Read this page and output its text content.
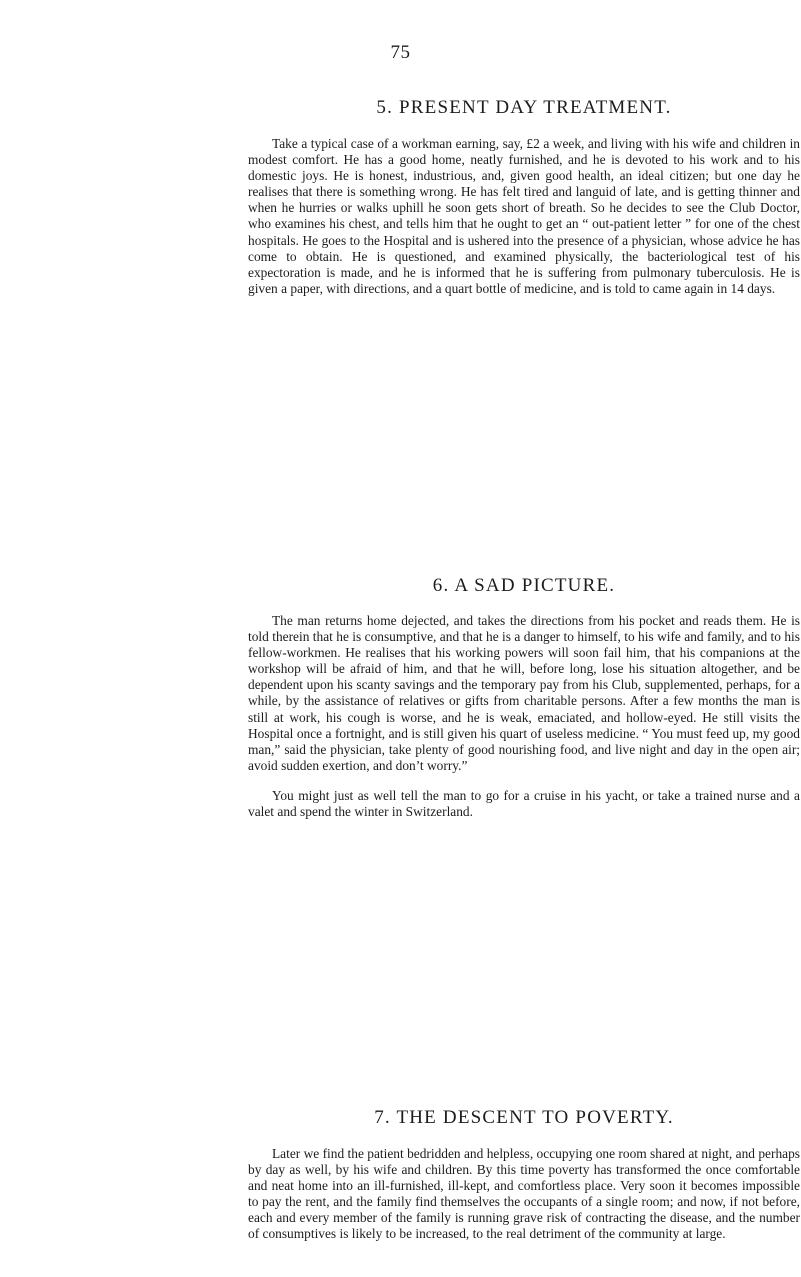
75

5. PRESENT DAY TREATMENT.

Take a typical case of a workman earning, say, £2 a week, and living with his wife and children in modest comfort. He has a good home, neatly furnished, and he is devoted to his work and to his domestic joys. He is honest, industrious, and, given good health, an ideal citizen; but one day he realises that there is something wrong. He has felt tired and languid of late, and is getting thinner and when he hurries or walks uphill he soon gets short of breath. So he decides to see the Club Doctor, who examines his chest, and tells him that he ought to get an “ out-patient letter ” for one of the chest hospitals. He goes to the Hospital and is ushered into the presence of a physician, whose advice he has come to obtain. He is questioned, and examined physically, the bacteriological test of his expectoration is made, and he is informed that he is suffering from pulmonary tuberculosis. He is given a paper, with directions, and a quart bottle of medicine, and is told to came again in 14 days.

6. A SAD PICTURE.

The man returns home dejected, and takes the directions from his pocket and reads them. He is told therein that he is consumptive, and that he is a danger to himself, to his wife and family, and to his fellow-workmen. He realises that his working powers will soon fail him, that his companions at the workshop will be afraid of him, and that he will, before long, lose his situation altogether, and be dependent upon his scanty savings and the temporary pay from his Club, supplemented, perhaps, for a while, by the assistance of relatives or gifts from charitable persons. After a few months the man is still at work, his cough is worse, and he is weak, emaciated, and hollow-eyed. He still visits the Hospital once a fortnight, and is still given his quart of useless medicine. “ You must feed up, my good man,” said the physician, take plenty of good nourishing food, and live night and day in the open air; avoid sudden exertion, and don’t worry.”

You might just as well tell the man to go for a cruise in his yacht, or take a trained nurse and a valet and spend the winter in Switzerland.

7. THE DESCENT TO POVERTY.

Later we find the patient bedridden and helpless, occupying one room shared at night, and perhaps by day as well, by his wife and children. By this time poverty has transformed the once comfortable and neat home into an ill-furnished, ill-kept, and comfortless place. Very soon it becomes impossible to pay the rent, and the family find themselves the occupants of a single room; and now, if not before, each and every member of the family is running grave risk of contracting the disease, and the number of consumptives is likely to be increased, to the real detriment of the community at large.
